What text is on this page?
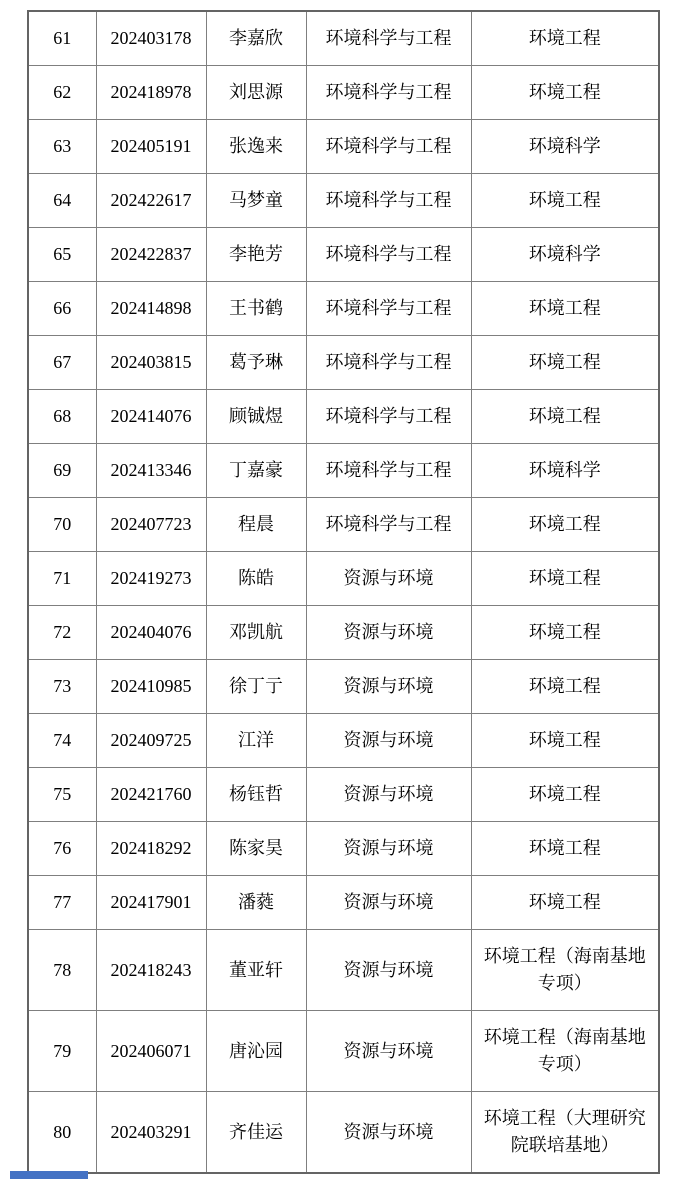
61	202403178	李嘉欣	环境科学与工程	环境工程
62	202418978	刘思源	环境科学与工程	环境工程
63	202405191	张逸来	环境科学与工程	环境科学
64	202422617	马梦童	环境科学与工程	环境工程
65	202422837	李艳芳	环境科学与工程	环境科学
66	202414898	王书鹤	环境科学与工程	环境工程
67	202403815	葛予琳	环境科学与工程	环境工程
68	202414076	顾铖煜	环境科学与工程	环境工程
69	202413346	丁嘉豪	环境科学与工程	环境科学
70	202407723	程晨	环境科学与工程	环境工程
71	202419273	陈皓	资源与环境	环境工程
72	202404076	邓凯航	资源与环境	环境工程
73	202410985	徐丁亍	资源与环境	环境工程
74	202409725	江洋	资源与环境	环境工程
75	202421760	杨钰哲	资源与环境	环境工程
76	202418292	陈家昊	资源与环境	环境工程
77	202417901	潘蕤	资源与环境	环境工程
78	202418243	董亚轩	资源与环境	环境工程（海南基地专项）
79	202406071	唐沁园	资源与环境	环境工程（海南基地专项）
80	202403291	齐佳运	资源与环境	环境工程（大理研究院联培基地）
